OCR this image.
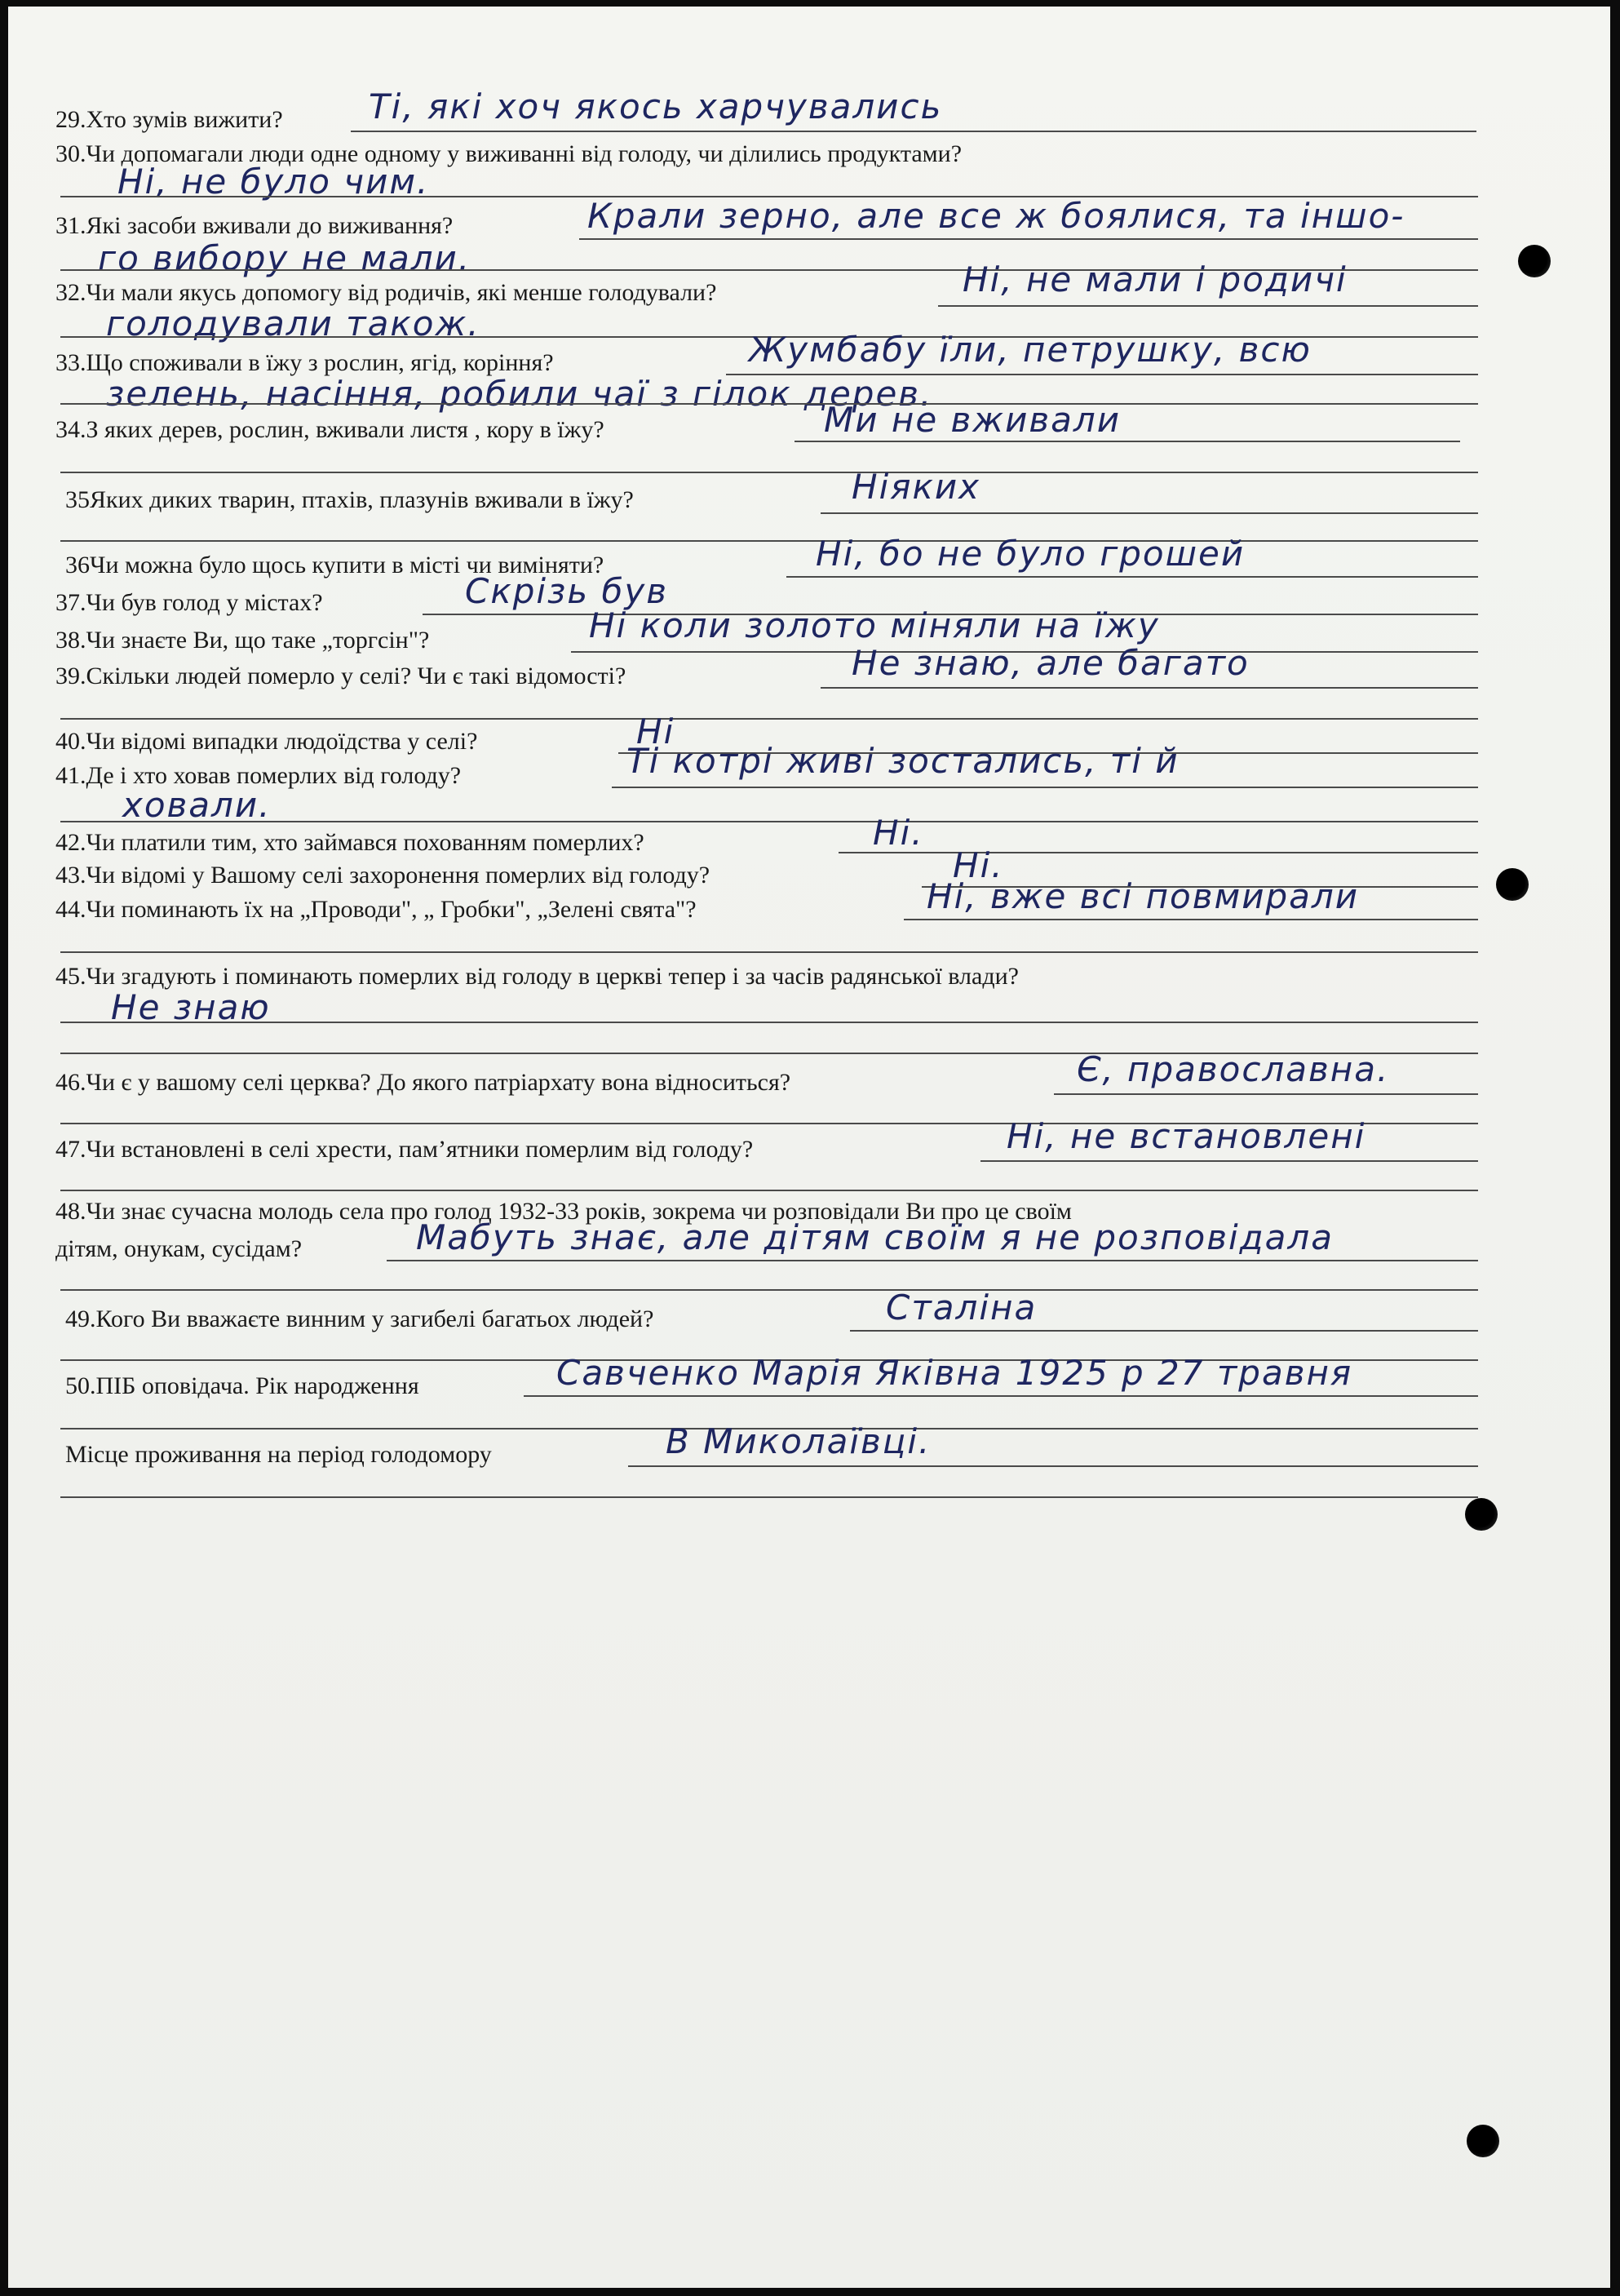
29.Хто зумів вижити?	Ті, які хоч якось харчувались
30.Чи допомагали люди одне одному у виживанні від голоду, чи ділились продуктами?
Ні, не було чим.
31.Які засоби вживали до виживання?	Крали зерно, але все ж боялися, та іншо-
го вибору не мали.
32.Чи мали якусь допомогу від родичів, які менше голодували?	Ні, не мали і родичі
голодували також.
33.Що споживали в їжу з рослин, ягід, коріння?	Жумбабу їли, петрушку, всю
зелень, насіння, робили чаї з гілок дерев.
34.З яких дерев, рослин, вживали листя , кору в їжу?	Ми не вживали
35Яких диких тварин, птахів, плазунів вживали в їжу?	Ніяких
36Чи можна було щось купити в місті чи виміняти?	Ні, бо не було грошей
37.Чи був голод у містах?	Скрізь був
38.Чи знаєте Ви, що таке „торгсін"?	Ні коли золото міняли на їжу
39.Скільки людей померло у селі? Чи є такі відомості?	Не знаю, але багато
40.Чи відомі випадки людоїдства у селі?	Ні
41.Де і хто ховав померлих від голоду?	Ті котрі живі зостались, ті й
ховали.
42.Чи платили тим, хто займався похованням померлих?	Ні.
43.Чи відомі у Вашому селі захоронення померлих від голоду?	Ні.
44.Чи поминають їх на „Проводи", „ Гробки", „Зелені свята"?	Ні, вже всі повмирали
45.Чи згадують і поминають померлих від голоду в церкві тепер і за часів радянської влади?
Не знаю
46.Чи є у вашому селі церква? До якого патріархату вона відноситься?	Є, православна.
47.Чи встановлені в селі хрести, пам’ятники померлим від голоду?	Ні, не встановлені
48.Чи знає сучасна молодь села про голод 1932-33 років, зокрема чи розповідали Ви про це своїм
дітям, онукам, сусідам?	Мабуть знає, але дітям своїм я не розповідала
49.Кого Ви вважаєте винним у загибелі багатьох людей?	Сталіна
50.ПІБ оповідача. Рік народження	Савченко Марія Яківна 1925 р 27 травня
Місце проживання на період голодомору	В Миколаївці.
